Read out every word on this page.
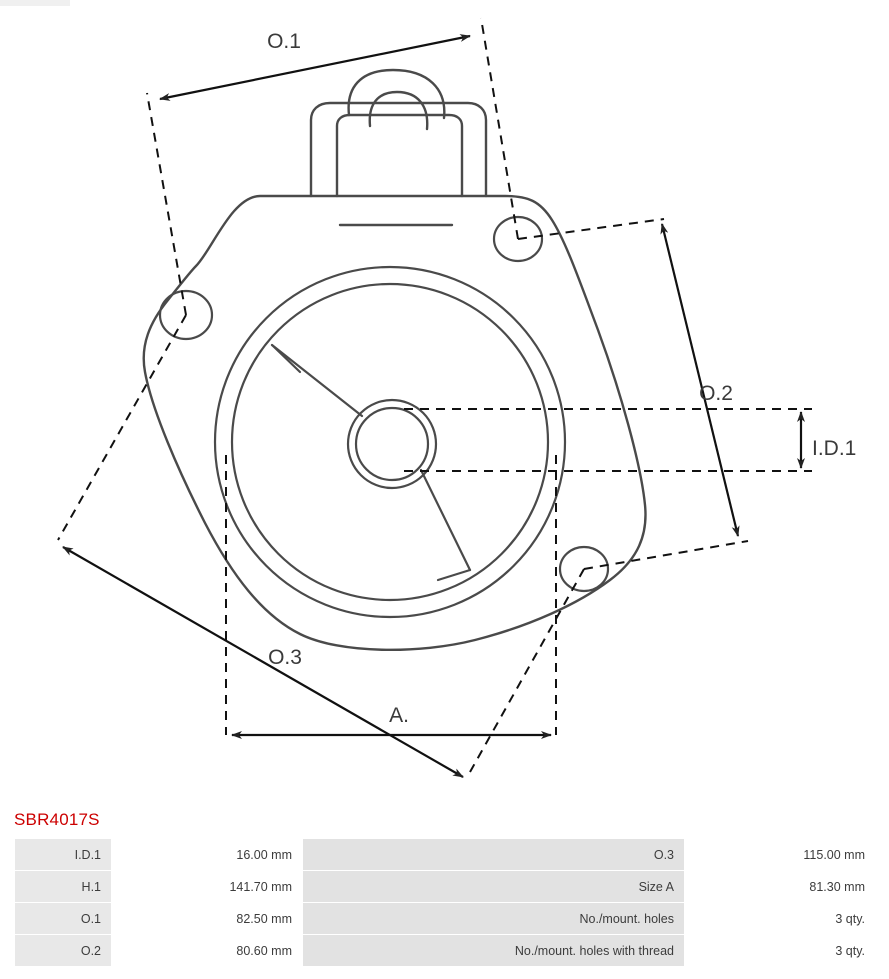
O.1
O.2
O.3
I.D.1
A.
SBR4017S
I.D.1	16.00 mm	O.3	115.00 mm
H.1	141.70 mm	Size A	81.30 mm
O.1	82.50 mm	No./mount. holes	3 qty.
O.2	80.60 mm	No./mount. holes with thread	3 qty.
